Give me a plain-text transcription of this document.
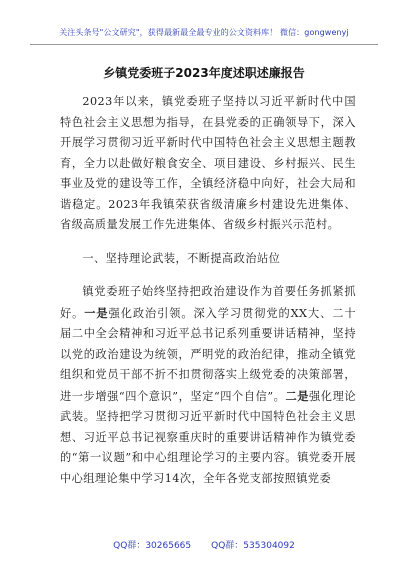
关注头条号"公文研究"，获得最新最全最专业的公文资料库！ 微信：gongwenyj
乡镇党委班子2023年度述职述廉报告

2023年以来，镇党委班子坚持以习近平新时代中国特色社会主义思想为指导，在县党委的正确领导下，深入开展学习贯彻习近平新时代中国特色社会主义思想主题教育，全力以赴做好粮食安全、项目建设、乡村振兴、民生事业及党的建设等工作，全镇经济稳中向好，社会大局和谐稳定。2023年我镇荣获省级清廉乡村建设先进集体、省级高质量发展工作先进集体、省级乡村振兴示范村。

一、坚持理论武装，不断提高政治站位

镇党委班子始终坚持把政治建设作为首要任务抓紧抓好。一是强化政治引领。深入学习贯彻党的XX大、二十届二中全会精神和习近平总书记系列重要讲话精神，坚持以党的政治建设为统领，严明党的政治纪律，推动全镇党组织和党员干部不折不扣贯彻落实上级党委的决策部署，进一步增强“四个意识”，坚定“四个自信”。二是强化理论武装。坚持把学习贯彻习近平新时代中国特色社会主义思想、习近平总书记视察重庆时的重要讲话精神作为镇党委的“第一议题”和中心组理论学习的主要内容。镇党委开展中心组理论集中学习14次，全年各党支部按照镇党委

QQ群：30265665 QQ群：535304092
